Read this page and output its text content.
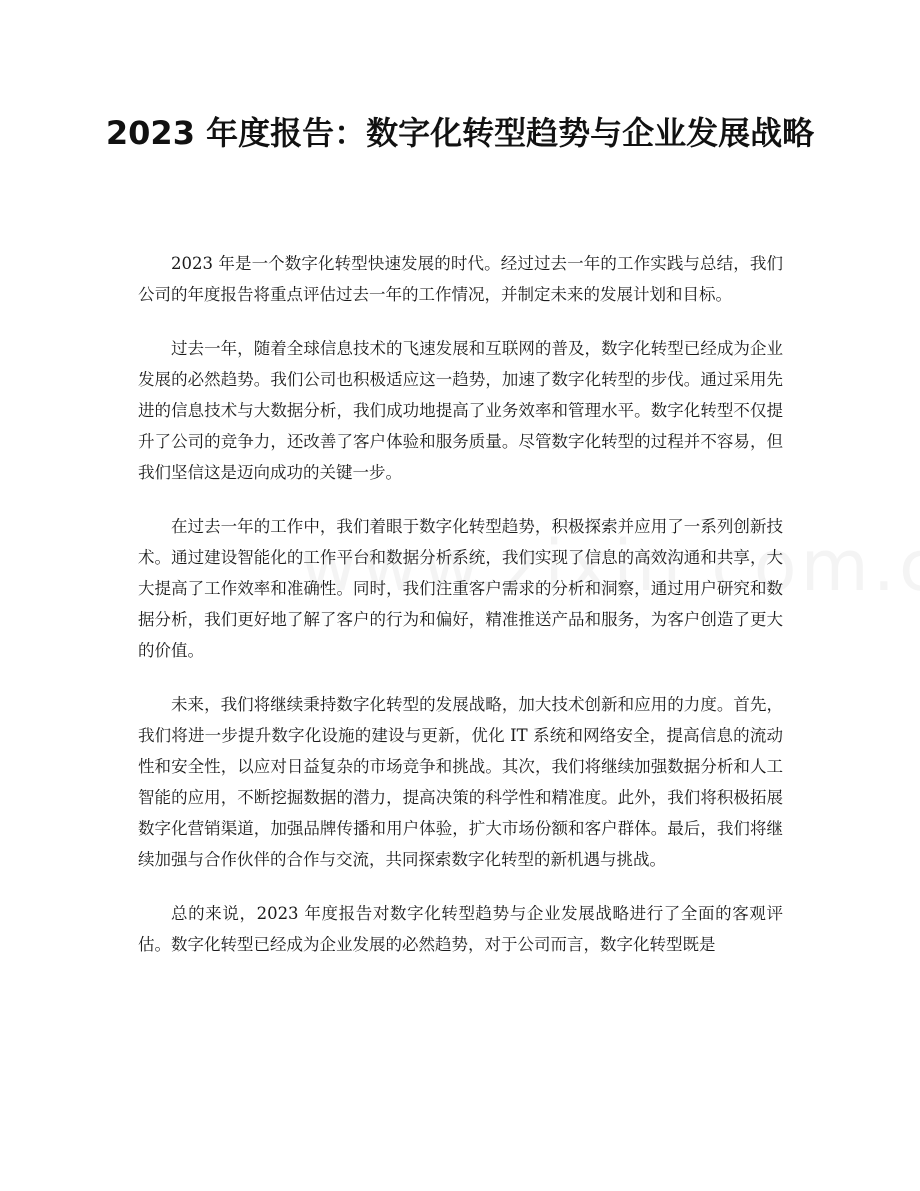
2023 年度报告：数字化转型趋势与企业发展战略

2023 年是一个数字化转型快速发展的时代。经过过去一年的工作实践与总结，我们公司的年度报告将重点评估过去一年的工作情况，并制定未来的发展计划和目标。

过去一年，随着全球信息技术的飞速发展和互联网的普及，数字化转型已经成为企业发展的必然趋势。我们公司也积极适应这一趋势，加速了数字化转型的步伐。通过采用先进的信息技术与大数据分析，我们成功地提高了业务效率和管理水平。数字化转型不仅提升了公司的竞争力，还改善了客户体验和服务质量。尽管数字化转型的过程并不容易，但我们坚信这是迈向成功的关键一步。

在过去一年的工作中，我们着眼于数字化转型趋势，积极探索并应用了一系列创新技术。通过建设智能化的工作平台和数据分析系统，我们实现了信息的高效沟通和共享，大大提高了工作效率和准确性。同时，我们注重客户需求的分析和洞察，通过用户研究和数据分析，我们更好地了解了客户的行为和偏好，精准推送产品和服务，为客户创造了更大的价值。

未来，我们将继续秉持数字化转型的发展战略，加大技术创新和应用的力度。首先，我们将进一步提升数字化设施的建设与更新，优化 IT 系统和网络安全，提高信息的流动性和安全性，以应对日益复杂的市场竞争和挑战。其次，我们将继续加强数据分析和人工智能的应用，不断挖掘数据的潜力，提高决策的科学性和精准度。此外，我们将积极拓展数字化营销渠道，加强品牌传播和用户体验，扩大市场份额和客户群体。最后，我们将继续加强与合作伙伴的合作与交流，共同探索数字化转型的新机遇与挑战。

总的来说，2023 年度报告对数字化转型趋势与企业发展战略进行了全面的客观评估。数字化转型已经成为企业发展的必然趋势，对于公司而言，数字化转型既是
